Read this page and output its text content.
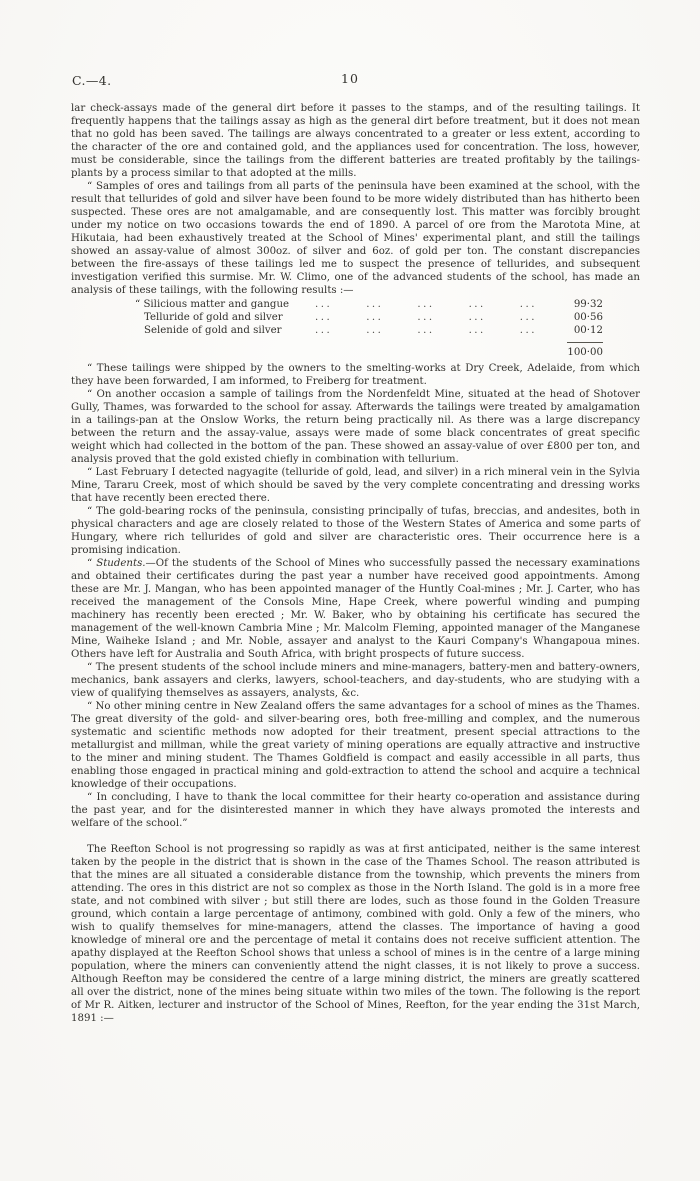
C.—4.	10

lar check-assays made of the general dirt before it passes to the stamps, and of the resulting tailings. It frequently happens that the tailings assay as high as the general dirt before treatment, but it does not mean that no gold has been saved. The tailings are always concentrated to a greater or less extent, according to the character of the ore and contained gold, and the appliances used for concentration. The loss, however, must be considerable, since the tailings from the different batteries are treated profitably by the tailings-plants by a process similar to that adopted at the mills.

“ Samples of ores and tailings from all parts of the peninsula have been examined at the school, with the result that tellurides of gold and silver have been found to be more widely distributed than has hitherto been suspected. These ores are not amalgamable, and are consequently lost. This matter was forcibly brought under my notice on two occasions towards the end of 1890. A parcel of ore from the Marotota Mine, at Hikutaia, had been exhaustively treated at the School of Mines' experimental plant, and still the tailings showed an assay-value of almost 300oz. of silver and 6oz. of gold per ton. The constant discrepancies between the fire-assays of these tailings led me to suspect the presence of tellurides, and subsequent investigation verified this surmise. Mr. W. Climo, one of the advanced students of the school, has made an analysis of these tailings, with the following results :—

“ Silicious matter and gangue	...	...	...	...	...	99·32
Telluride of gold and silver	...	...	...	...	...	00·56
Selenide of gold and silver	...	...	...	...	...	00·12
100·00

“ These tailings were shipped by the owners to the smelting-works at Dry Creek, Adelaide, from which they have been forwarded, I am informed, to Freiberg for treatment.

“ On another occasion a sample of tailings from the Nordenfeldt Mine, situated at the head of Shotover Gully, Thames, was forwarded to the school for assay. Afterwards the tailings were treated by amalgamation in a tailings-pan at the Onslow Works, the return being practically nil. As there was a large discrepancy between the return and the assay-value, assays were made of some black concentrates of great specific weight which had collected in the bottom of the pan. These showed an assay-value of over £800 per ton, and analysis proved that the gold existed chiefly in combination with tellurium.

“ Last February I detected nagyagite (telluride of gold, lead, and silver) in a rich mineral vein in the Sylvia Mine, Tararu Creek, most of which should be saved by the very complete concentrating and dressing works that have recently been erected there.

“ The gold-bearing rocks of the peninsula, consisting principally of tufas, breccias, and andesites, both in physical characters and age are closely related to those of the Western States of America and some parts of Hungary, where rich tellurides of gold and silver are characteristic ores. Their occurrence here is a promising indication.

“ Students.—Of the students of the School of Mines who successfully passed the necessary examinations and obtained their certificates during the past year a number have received good appointments. Among these are Mr. J. Mangan, who has been appointed manager of the Huntly Coal-mines ; Mr. J. Carter, who has received the management of the Consols Mine, Hape Creek, where powerful winding and pumping machinery has recently been erected ; Mr. W. Baker, who by obtaining his certificate has secured the management of the well-known Cambria Mine ; Mr. Malcolm Fleming, appointed manager of the Manganese Mine, Waiheke Island ; and Mr. Noble, assayer and analyst to the Kauri Company's Whangapoua mines. Others have left for Australia and South Africa, with bright prospects of future success.

“ The present students of the school include miners and mine-managers, battery-men and battery-owners, mechanics, bank assayers and clerks, lawyers, school-teachers, and day-students, who are studying with a view of qualifying themselves as assayers, analysts, &c.

“ No other mining centre in New Zealand offers the same advantages for a school of mines as the Thames. The great diversity of the gold- and silver-bearing ores, both free-milling and complex, and the numerous systematic and scientific methods now adopted for their treatment, present special attractions to the metallurgist and millman, while the great variety of mining operations are equally attractive and instructive to the miner and mining student. The Thames Goldfield is compact and easily accessible in all parts, thus enabling those engaged in practical mining and gold-extraction to attend the school and acquire a technical knowledge of their occupations.

“ In concluding, I have to thank the local committee for their hearty co-operation and assistance during the past year, and for the disinterested manner in which they have always promoted the interests and welfare of the school.”

The Reefton School is not progressing so rapidly as was at first anticipated, neither is the same interest taken by the people in the district that is shown in the case of the Thames School. The reason attributed is that the mines are all situated a considerable distance from the township, which prevents the miners from attending. The ores in this district are not so complex as those in the North Island. The gold is in a more free state, and not combined with silver ; but still there are lodes, such as those found in the Golden Treasure ground, which contain a large percentage of antimony, combined with gold. Only a few of the miners, who wish to qualify themselves for mine-managers, attend the classes. The importance of having a good knowledge of mineral ore and the percentage of metal it contains does not receive sufficient attention. The apathy displayed at the Reefton School shows that unless a school of mines is in the centre of a large mining population, where the miners can conveniently attend the night classes, it is not likely to prove a success. Although Reefton may be considered the centre of a large mining district, the miners are greatly scattered all over the district, none of the mines being situate within two miles of the town. The following is the report of Mr R. Aitken, lecturer and instructor of the School of Mines, Reefton, for the year ending the 31st March, 1891 :—
